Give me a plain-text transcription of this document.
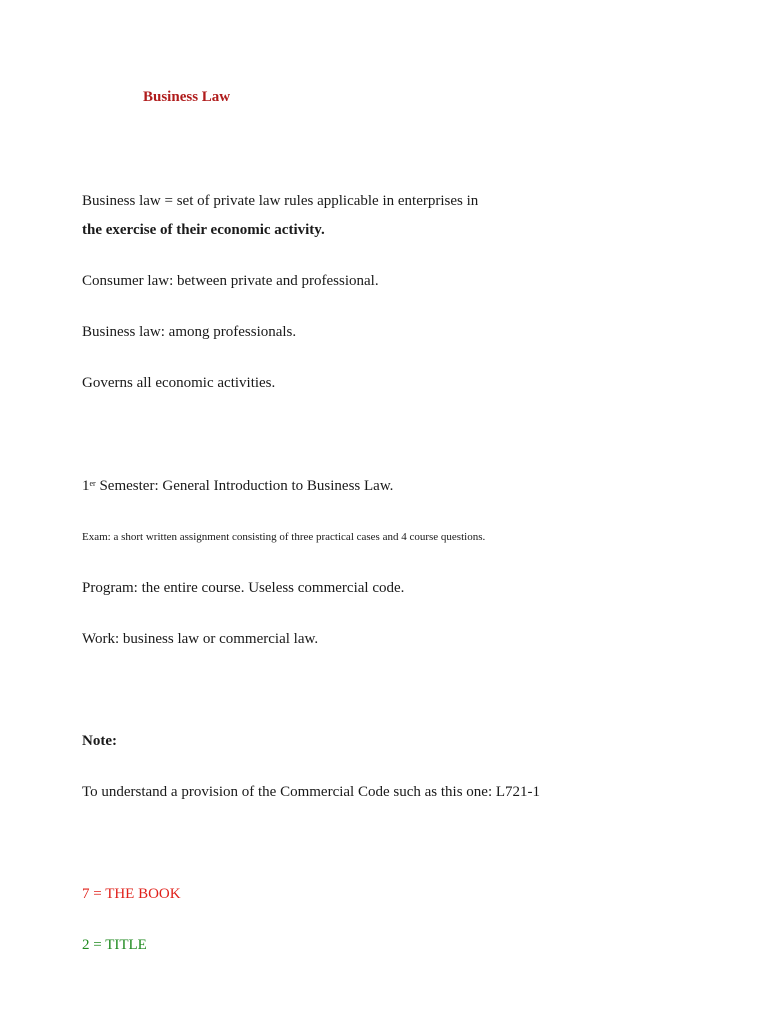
Business Law
Business law = set of private law rules applicable in enterprises in
the exercise of their economic activity.
Consumer law: between private and professional.
Business law: among professionals.
Governs all economic activities.
1er Semester: General Introduction to Business Law.
Exam: a short written assignment consisting of three practical cases and 4 course questions.
Program: the entire course. Useless commercial code.
Work: business law or commercial law.
Note:
To understand a provision of the Commercial Code such as this one: L721-1
7 = THE BOOK
2 = TITLE
